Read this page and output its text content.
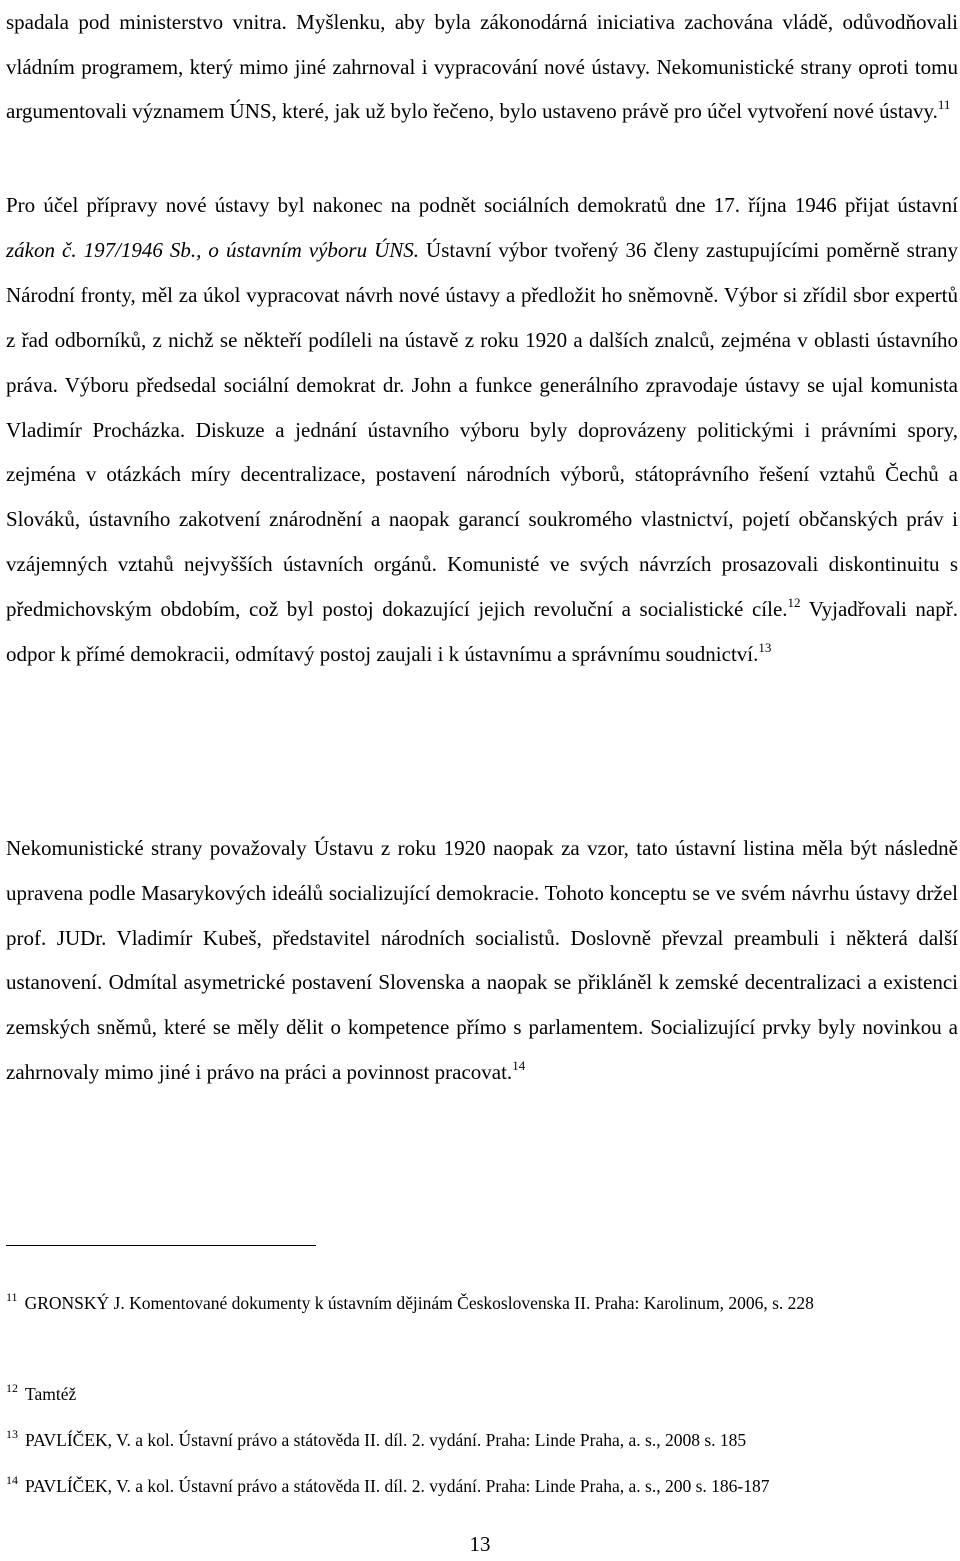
spadala pod ministerstvo vnitra. Myšlenku, aby byla zákonodárná iniciativa zachována vládě, odůvodňovali vládním programem, který mimo jiné zahrnoval i vypracování nové ústavy. Nekomunistické strany oproti tomu argumentovali významem ÚNS, které, jak už bylo řečeno, bylo ustaveno právě pro účel vytvoření nové ústavy.$^{11}$

Pro účel přípravy nové ústavy byl nakonec na podnět sociálních demokratů dne 17. října 1946 přijat ústavní zákon č. 197/1946 Sb., o ústavním výboru ÚNS. Ústavní výbor tvořený 36 členy zastupujícími poměrně strany Národní fronty, měl za úkol vypracovat návrh nové ústavy a předložit ho sněmovně. Výbor si zřídil sbor expertů z řad odborníků, z nichž se někteří podíleli na ústavě z roku 1920 a dalších znalců, zejména v oblasti ústavního práva. Výboru předsedal sociální demokrat dr. John a funkce generálního zpravodaje ústavy se ujal komunista Vladimír Procházka. Diskuze a jednání ústavního výboru byly doprovázeny politickými i právními spory, zejména v otázkách míry decentralizace, postavení národních výborů, státoprávního řešení vztahů Čechů a Slováků, ústavního zakotvení znárodnění a naopak garancí soukromého vlastnictví, pojetí občanských práv i vzájemných vztahů nejvyšších ústavních orgánů. Komunisté ve svých návrzích prosazovali diskontinuitu s předmichovským obdobím, což byl postoj dokazující jejich revoluční a socialistické cíle.$^{12}$ Vyjadřovali např. odpor k přímé demokracii, odmítavý postoj zaujali i k ústavnímu a správnímu soudnictví.$^{13}$

Nekomunistické strany považovaly Ústavu z roku 1920 naopak za vzor, tato ústavní listina měla být následně upravena podle Masarykových ideálů socializující demokracie. Tohoto konceptu se ve svém návrhu ústavy držel prof. JUDr. Vladimír Kubeš, představitel národních socialistů. Doslovně převzal preambuli i některá další ustanovení. Odmítal asymetrické postavení Slovenska a naopak se přikláněl k zemské decentralizaci a existenci zemských sněmů, které se měly dělit o kompetence přímo s parlamentem. Socializující prvky byly novinkou a zahrnovaly mimo jiné i právo na práci a povinnost pracovat.$^{14}$

$^{11}$ GRONSKÝ J. Komentované dokumenty k ústavním dějinám Československa II. Praha: Karolinum, 2006, s. 228

$^{12}$ Tamtéž

$^{13}$ PAVLÍČEK, V. a kol. Ústavní právo a státověda II. díl. 2. vydání. Praha: Linde Praha, a. s., 2008 s. 185

$^{14}$ PAVLÍČEK, V. a kol. Ústavní právo a státověda II. díl. 2. vydání. Praha: Linde Praha, a. s., 200 s. 186-187

13
